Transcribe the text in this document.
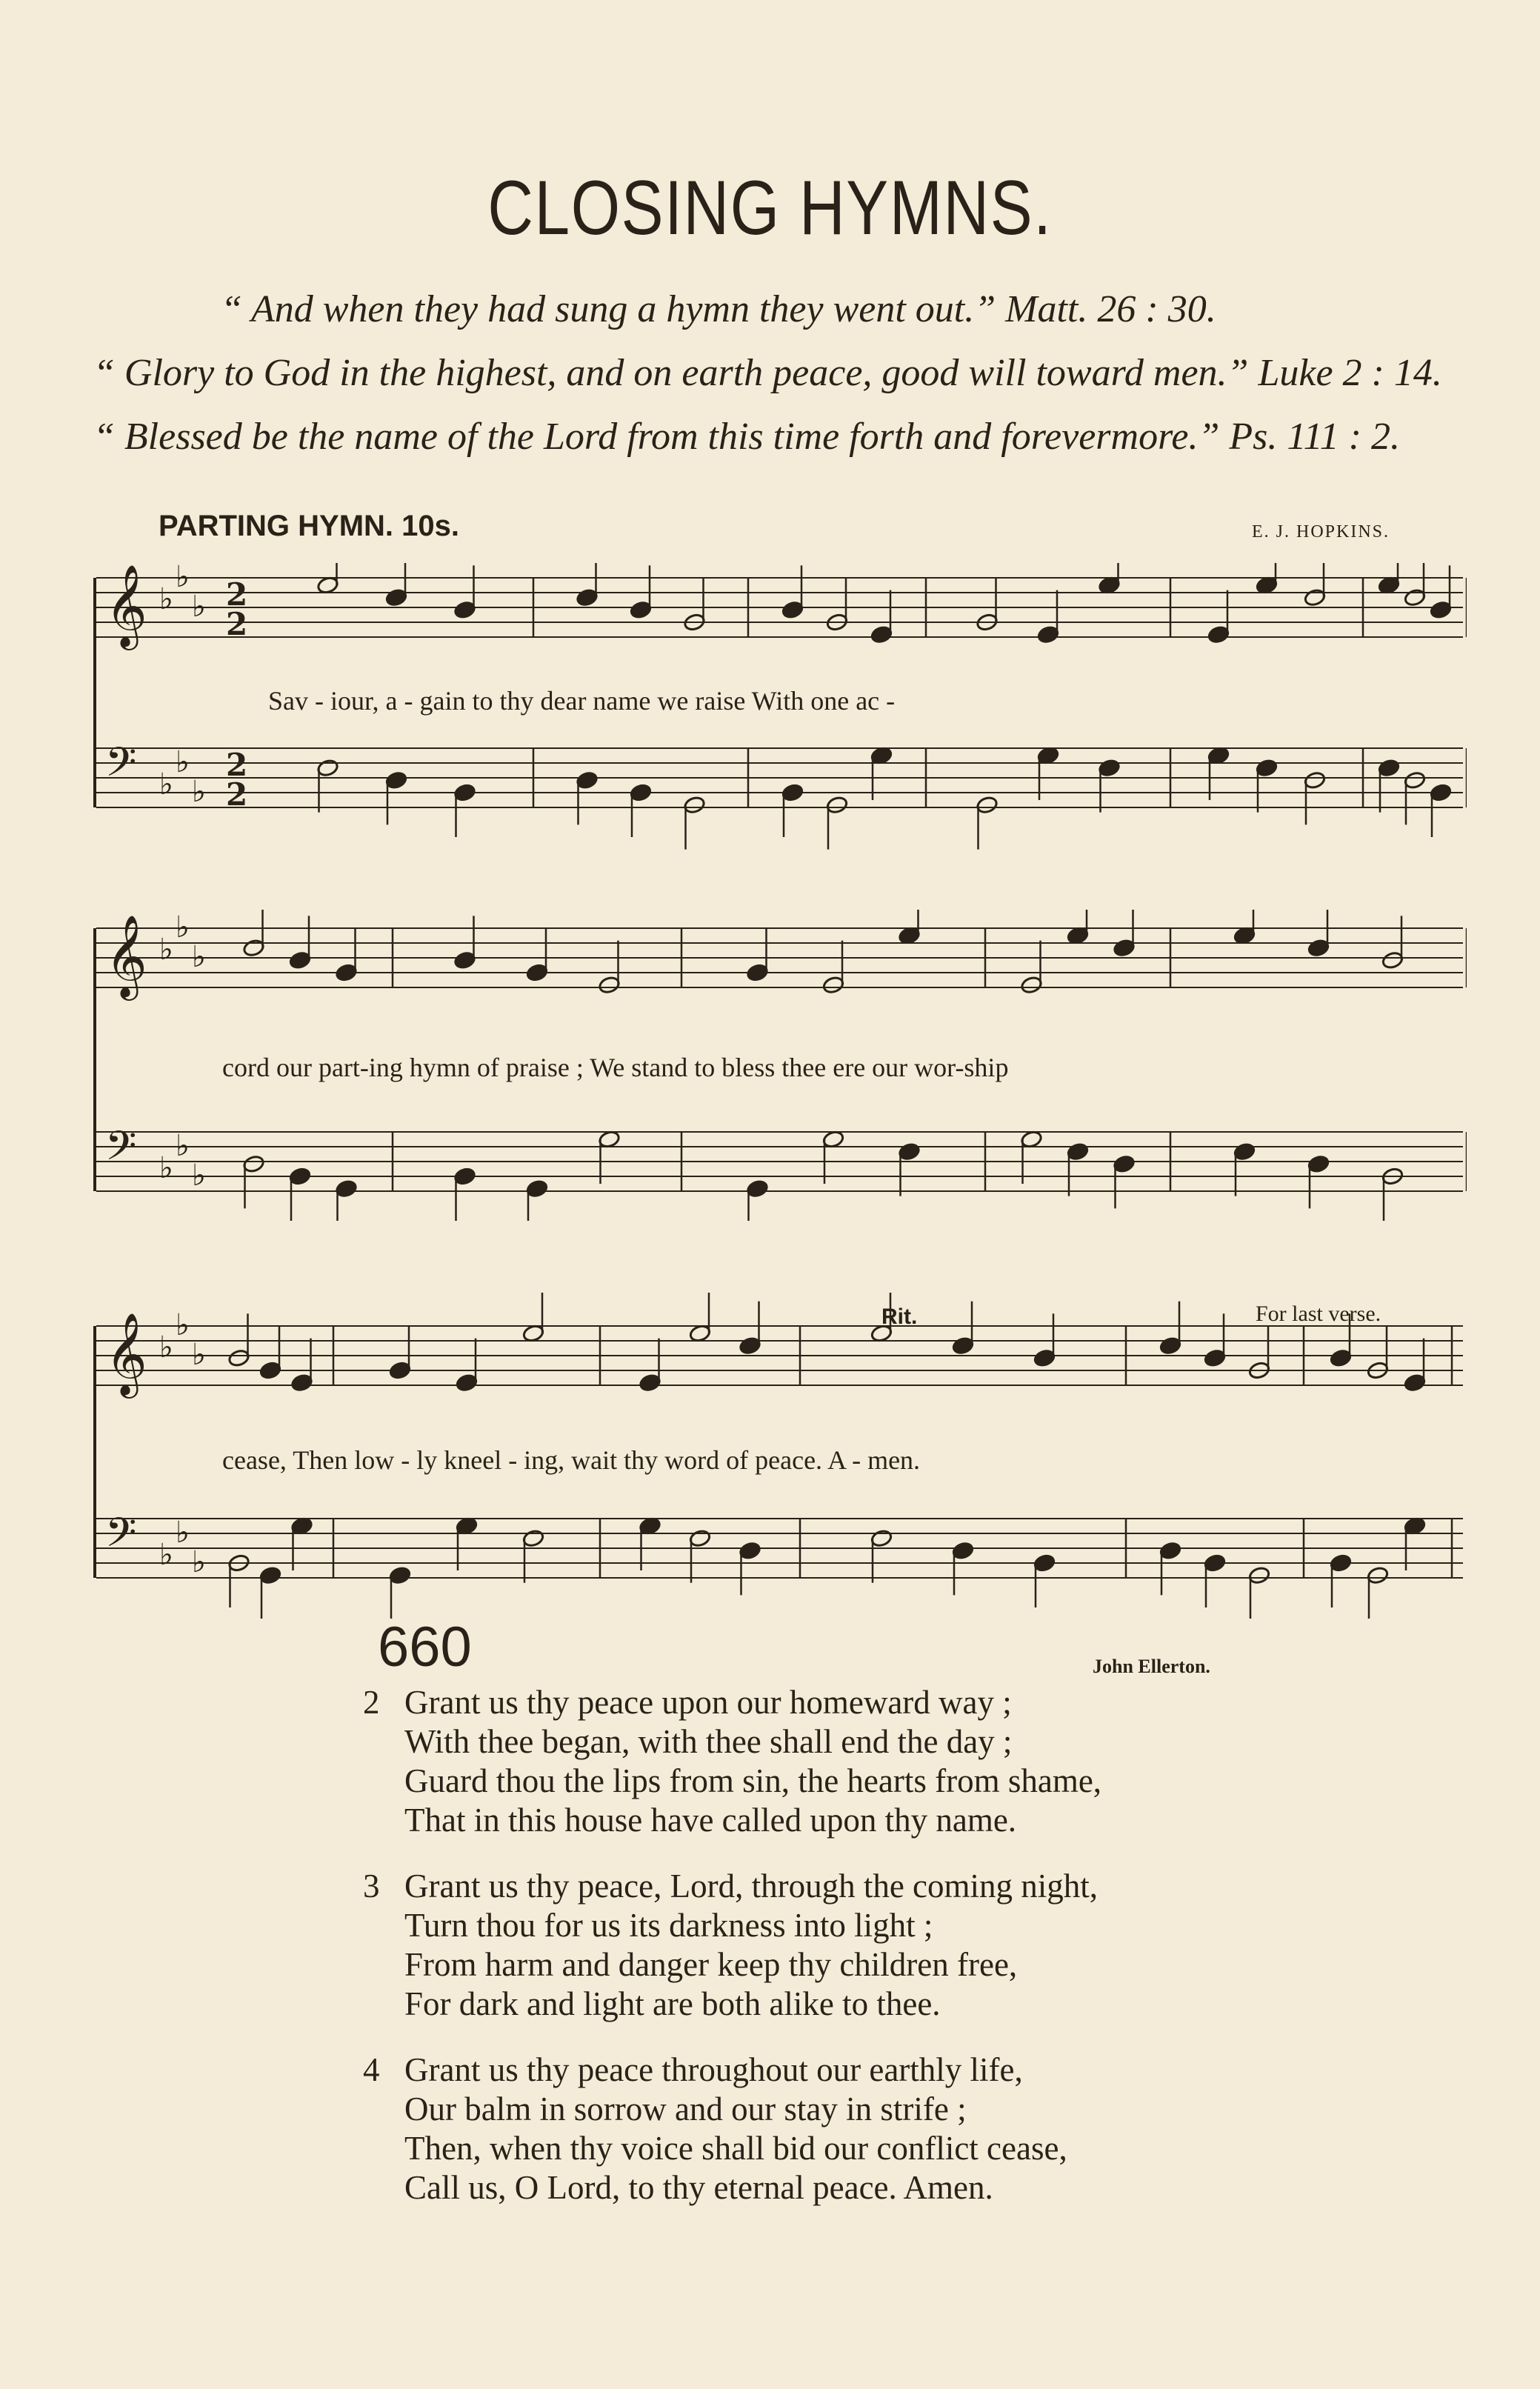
CLOSING HYMNS.
“ And when they had sung a hymn they went out.” Matt. 26 : 30.
“ Glory to God in the highest, and on earth peace, good will toward men.” Luke 2 : 14.
“ Blessed be the name of the Lord from this time forth and forevermore.” Ps. 111 : 2.
PARTING HYMN. 10s.	E. J. HOPKINS.
𝄞 ♭
♭
♭ 2
2
𝄢 ♭
♭
♭
2
2
Sav - iour, a - gain to thy dear name we raise With one ac -
𝄞 ♭
♭
♭
𝄢 ♭
♭
♭
cord our part-ing hymn of praise ; We stand to bless thee ere our wor-ship
𝄞 ♭
♭
♭
𝄢 ♭
♭
♭
Rit.	For last verse.
cease, Then low - ly kneel - ing, wait thy word of peace. A - men.
660	John Ellerton.
2 Grant us thy peace upon our homeward way ;
With thee began, with thee shall end the day ;
Guard thou the lips from sin, the hearts from shame,
That in this house have called upon thy name.
3 Grant us thy peace, Lord, through the coming night,
Turn thou for us its darkness into light ;
From harm and danger keep thy children free,
For dark and light are both alike to thee.
4 Grant us thy peace throughout our earthly life,
Our balm in sorrow and our stay in strife ;
Then, when thy voice shall bid our conflict cease,
Call us, O Lord, to thy eternal peace. Amen.
